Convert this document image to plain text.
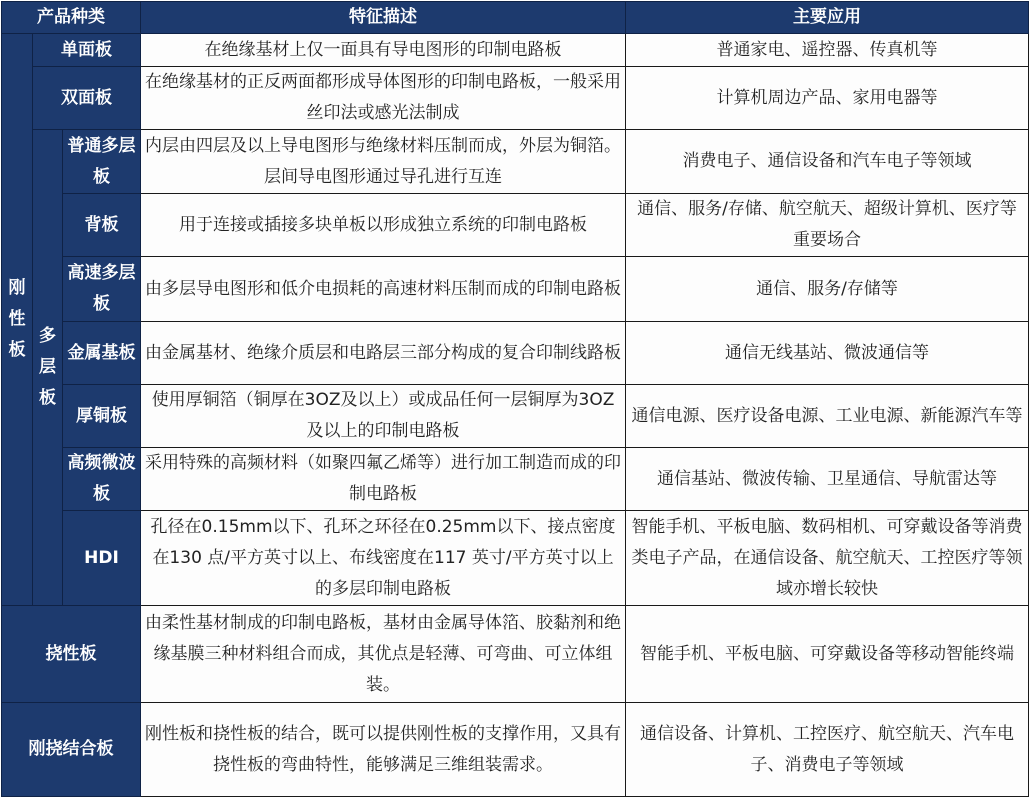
产品种类			特征描述	主要应用

刚性板	单面板		在绝缘基材上仅一面具有导电图形的印制电路板	普通家电、遥控器、传真机等
	双面板		在绝缘基材的正反两面都形成导体图形的印制电路板，一般采用丝印法或感光法制成	计算机周边产品、家用电器等

	多层板	普通多层板	内层由四层及以上导电图形与绝缘材料压制而成，外层为铜箔。层间导电图形通过导孔进行互连	消费电子、通信设备和汽车电子等领域
		背板	用于连接或插接多块单板以形成独立系统的印制电路板	通信、服务/存储、航空航天、超级计算机、医疗等重要场合
		高速多层板	由多层导电图形和低介电损耗的高速材料压制而成的印制电路板	通信、服务/存储等
		金属基板	由金属基材、绝缘介质层和电路层三部分构成的复合印制线路板	通信无线基站、微波通信等
		厚铜板	使用厚铜箔（铜厚在3OZ及以上）或成品任何一层铜厚为3OZ及以上的印制电路板	通信电源、医疗设备电源、工业电源、新能源汽车等
		高频微波板	采用特殊的高频材料（如聚四氟乙烯等）进行加工制造而成的印制电路板	通信基站、微波传输、卫星通信、导航雷达等
		HDI	孔径在0.15mm以下、孔环之环径在0.25mm以下、接点密度在130 点/平方英寸以上、布线密度在117 英寸/平方英寸以上的多层印制电路板	智能手机、平板电脑、数码相机、可穿戴设备等消费类电子产品，在通信设备、航空航天、工控医疗等领域亦增长较快
挠性板			由柔性基材制成的印制电路板，基材由金属导体箔、胶黏剂和绝缘基膜三种材料组合而成，其优点是轻薄、可弯曲、可立体组装。	智能手机、平板电脑、可穿戴设备等移动智能终端
刚挠结合板			刚性板和挠性板的结合，既可以提供刚性板的支撑作用，又具有挠性板的弯曲特性，能够满足三维组装需求。	通信设备、计算机、工控医疗、航空航天、汽车电子、消费电子等领域
